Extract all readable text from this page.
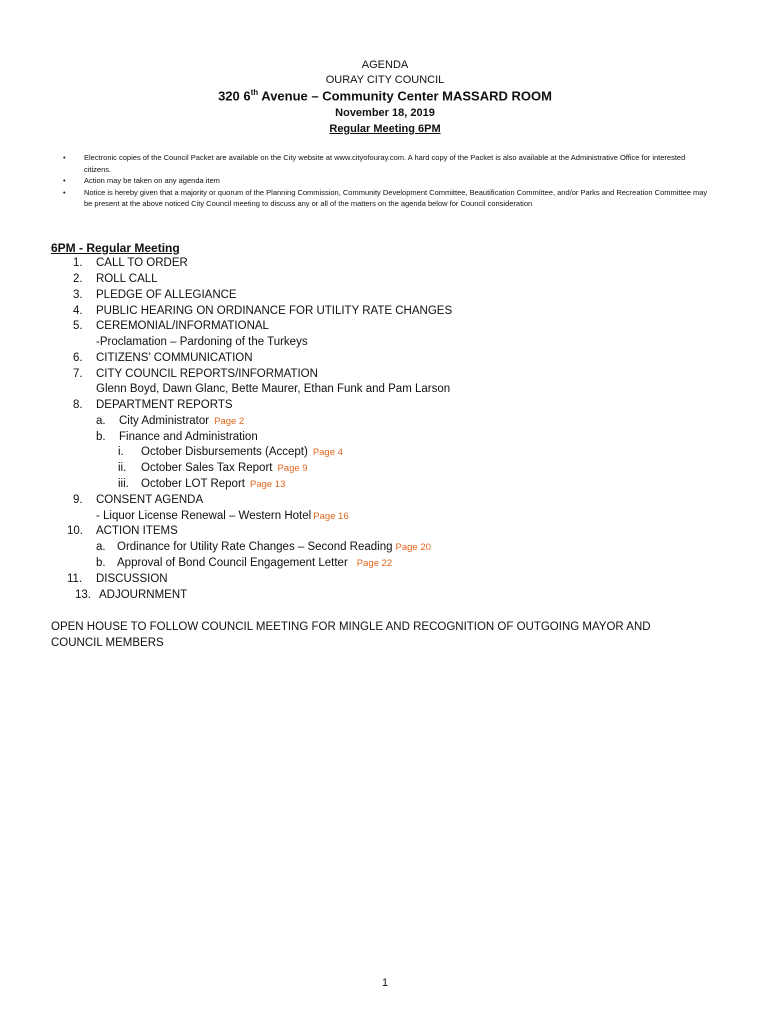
AGENDA
OURAY CITY COUNCIL
320 6th Avenue – Community Center MASSARD ROOM
November 18, 2019
Regular Meeting 6PM
• Electronic copies of the Council Packet are available on the City website at www.cityofouray.com. A hard copy of the Packet is also available at the Administrative Office for interested citizens.
• Action may be taken on any agenda item
• Notice is hereby given that a majority or quorum of the Planning Commission, Community Development Committee, Beautification Committee, and/or Parks and Recreation Committee may be present at the above noticed City Council meeting to discuss any or all of the matters on the agenda below for Council consideration
6PM - Regular Meeting
1. CALL TO ORDER
2. ROLL CALL
3. PLEDGE OF ALLEGIANCE
4. PUBLIC HEARING ON ORDINANCE FOR UTILITY RATE CHANGES
5. CEREMONIAL/INFORMATIONAL
-Proclamation – Pardoning of the Turkeys
6. CITIZENS’ COMMUNICATION
7. CITY COUNCIL REPORTS/INFORMATION
Glenn Boyd, Dawn Glanc, Bette Maurer, Ethan Funk and Pam Larson
8. DEPARTMENT REPORTS
a. City Administrator Page 2
b. Finance and Administration
i. October Disbursements (Accept) Page 4
ii. October Sales Tax Report Page 9
iii. October LOT Report Page 13
9. CONSENT AGENDA
- Liquor License Renewal – Western Hotel Page 16
10. ACTION ITEMS
a. Ordinance for Utility Rate Changes – Second Reading Page 20
b. Approval of Bond Council Engagement Letter Page 22
11. DISCUSSION
13. ADJOURNMENT
OPEN HOUSE TO FOLLOW COUNCIL MEETING FOR MINGLE AND RECOGNITION OF OUTGOING MAYOR AND COUNCIL MEMBERS
1
